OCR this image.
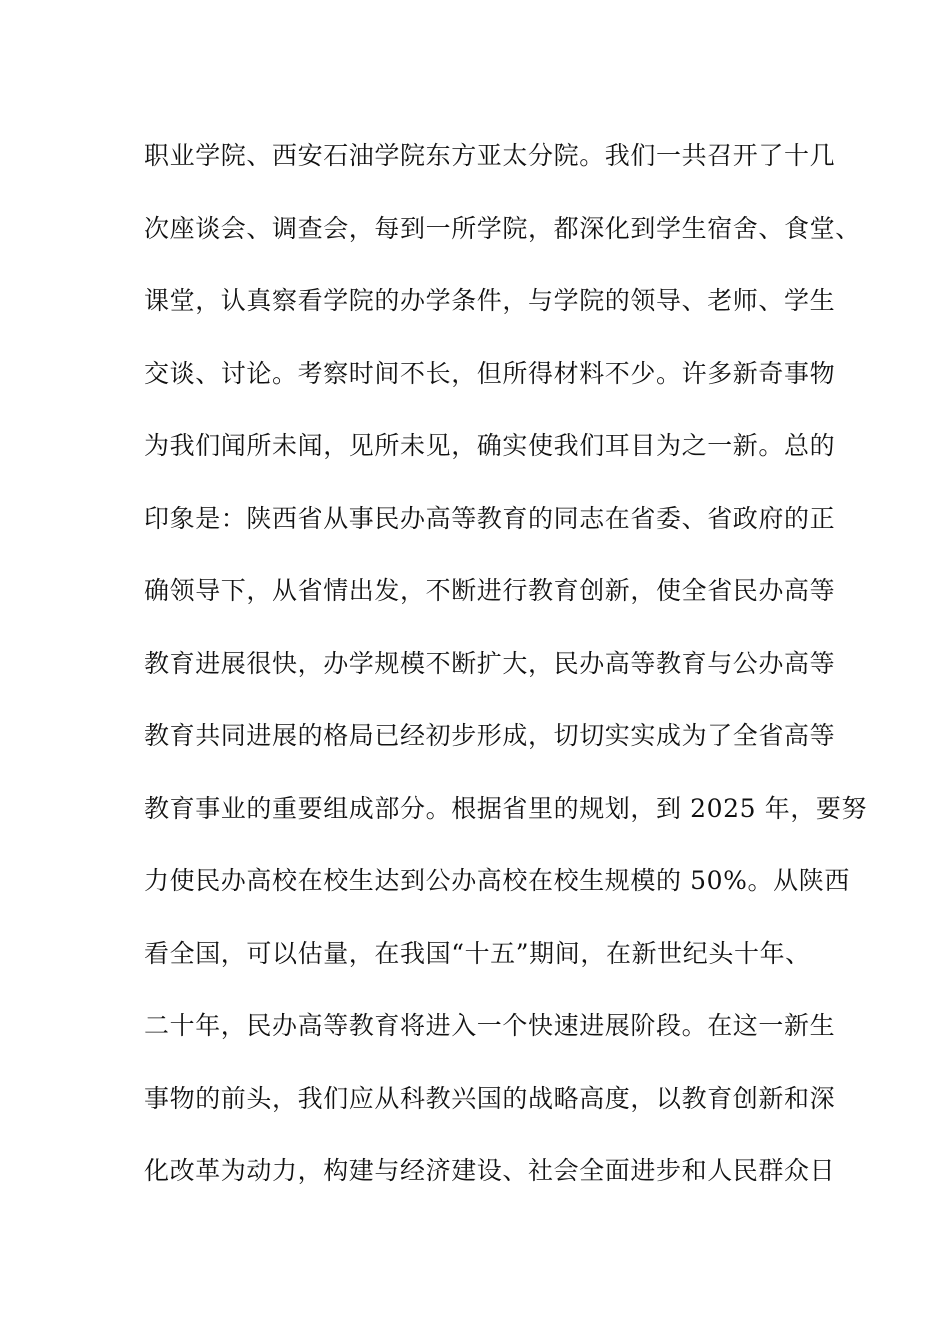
职业学院、西安石油学院东方亚太分院。我们一共召开了十几
次座谈会、调查会，每到一所学院，都深化到学生宿舍、食堂、
课堂，认真察看学院的办学条件，与学院的领导、老师、学生
交谈、讨论。考察时间不长，但所得材料不少。许多新奇事物
为我们闻所未闻，见所未见，确实使我们耳目为之一新。总的
印象是：陕西省从事民办高等教育的同志在省委、省政府的正
确领导下，从省情出发，不断进行教育创新，使全省民办高等
教育进展很快，办学规模不断扩大，民办高等教育与公办高等
教育共同进展的格局已经初步形成，切切实实成为了全省高等
教育事业的重要组成部分。根据省里的规划，到 2025 年，要努
力使民办高校在校生达到公办高校在校生规模的 50%。从陕西
看全国，可以估量，在我国“十五”期间，在新世纪头十年、
二十年，民办高等教育将进入一个快速进展阶段。在这一新生
事物的前头，我们应从科教兴国的战略高度，以教育创新和深
化改革为动力，构建与经济建设、社会全面进步和人民群众日
